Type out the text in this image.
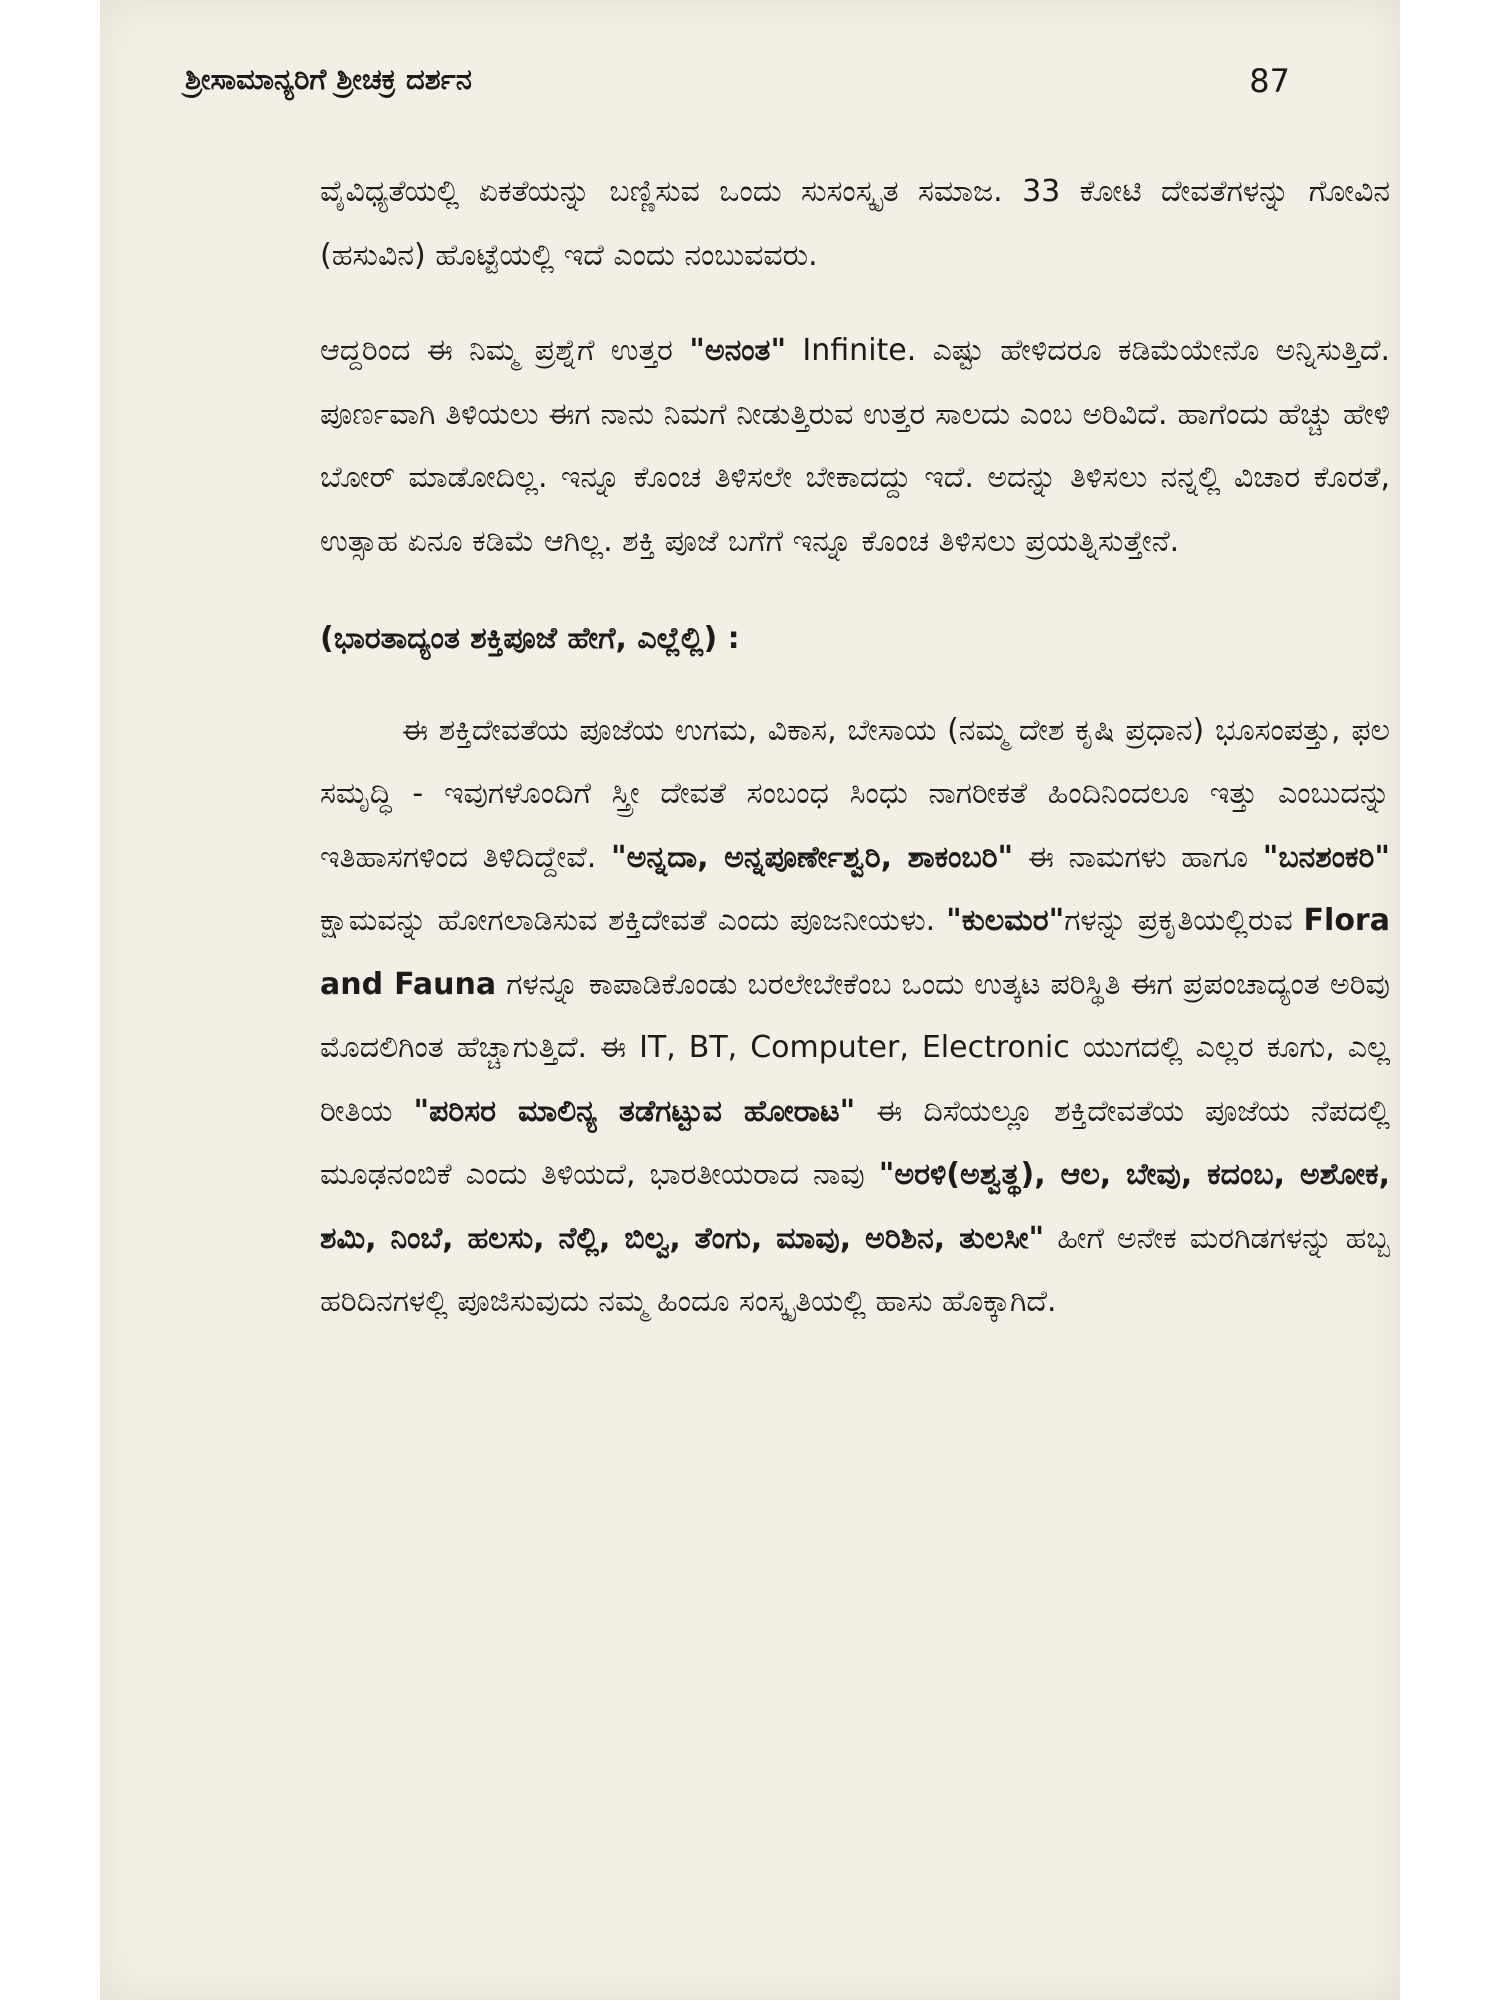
ಶ್ರೀಸಾಮಾನ್ಯರಿಗೆ ಶ್ರೀಚಕ್ರ ದರ್ಶನ	87

ವೈವಿಧ್ಯತೆಯಲ್ಲಿ ಏಕತೆಯನ್ನು ಬಣ್ಣಿಸುವ ಒಂದು ಸುಸಂಸ್ಕೃತ ಸಮಾಜ. 33 ಕೋಟಿ ದೇವತೆಗಳನ್ನು ಗೋವಿನ (ಹಸುವಿನ) ಹೊಟ್ಟೆಯಲ್ಲಿ ಇದೆ ಎಂದು ನಂಬುವವರು.

ಆದ್ದರಿಂದ ಈ ನಿಮ್ಮ ಪ್ರಶ್ನೆಗೆ ಉತ್ತರ "ಅನಂತ" Infinite. ಎಷ್ಟು ಹೇಳಿದರೂ ಕಡಿಮೆಯೇನೊ ಅನ್ನಿಸುತ್ತಿದೆ. ಪೂರ್ಣವಾಗಿ ತಿಳಿಯಲು ಈಗ ನಾನು ನಿಮಗೆ ನೀಡುತ್ತಿರುವ ಉತ್ತರ ಸಾಲದು ಎಂಬ ಅರಿವಿದೆ. ಹಾಗೆಂದು ಹೆಚ್ಚು ಹೇಳಿ ಬೋರ್ ಮಾಡೋದಿಲ್ಲ. ಇನ್ನೂ ಕೊಂಚ ತಿಳಿಸಲೇ ಬೇಕಾದದ್ದು ಇದೆ. ಅದನ್ನು ತಿಳಿಸಲು ನನ್ನಲ್ಲಿ ವಿಚಾರ ಕೊರತೆ, ಉತ್ಸಾಹ ಏನೂ ಕಡಿಮೆ ಆಗಿಲ್ಲ. ಶಕ್ತಿ ಪೂಜೆ ಬಗೆಗೆ ಇನ್ನೂ ಕೊಂಚ ತಿಳಿಸಲು ಪ್ರಯತ್ನಿಸುತ್ತೇನೆ.

(ಭಾರತಾದ್ಯಂತ ಶಕ್ತಿಪೂಜೆ ಹೇಗೆ, ಎಲ್ಲೆಲ್ಲಿ) :

ಈ ಶಕ್ತಿದೇವತೆಯ ಪೂಜೆಯ ಉಗಮ, ವಿಕಾಸ, ಬೇಸಾಯ (ನಮ್ಮ ದೇಶ ಕೃಷಿ ಪ್ರಧಾನ) ಭೂಸಂಪತ್ತು, ಫಲ ಸಮೃದ್ಧಿ - ಇವುಗಳೊಂದಿಗೆ ಸ್ತ್ರೀ ದೇವತೆ ಸಂಬಂಧ ಸಿಂಧು ನಾಗರೀಕತೆ ಹಿಂದಿನಿಂದಲೂ ಇತ್ತು ಎಂಬುದನ್ನು ಇತಿಹಾಸಗಳಿಂದ ತಿಳಿದಿದ್ದೇವೆ. "ಅನ್ನದಾ, ಅನ್ನಪೂರ್ಣೇಶ್ವರಿ, ಶಾಕಂಬರಿ" ಈ ನಾಮಗಳು ಹಾಗೂ "ಬನಶಂಕರಿ" ಕ್ಷಾಮವನ್ನು ಹೋಗಲಾಡಿಸುವ ಶಕ್ತಿದೇವತೆ ಎಂದು ಪೂಜನೀಯಳು. "ಕುಲಮರ"ಗಳನ್ನು ಪ್ರಕೃತಿಯಲ್ಲಿರುವ Flora and Fauna ಗಳನ್ನೂ ಕಾಪಾಡಿಕೊಂಡು ಬರಲೇಬೇಕೆಂಬ ಒಂದು ಉತ್ಕಟ ಪರಿಸ್ಥಿತಿ ಈಗ ಪ್ರಪಂಚಾದ್ಯಂತ ಅರಿವು ಮೊದಲಿಗಿಂತ ಹೆಚ್ಚಾಗುತ್ತಿದೆ. ಈ IT, BT, Computer, Electronic ಯುಗದಲ್ಲಿ ಎಲ್ಲರ ಕೂಗು, ಎಲ್ಲ ರೀತಿಯ "ಪರಿಸರ ಮಾಲಿನ್ಯ ತಡೆಗಟ್ಟುವ ಹೋರಾಟ" ಈ ದಿಸೆಯಲ್ಲೂ ಶಕ್ತಿದೇವತೆಯ ಪೂಜೆಯ ನೆಪದಲ್ಲಿ ಮೂಢನಂಬಿಕೆ ಎಂದು ತಿಳಿಯದೆ, ಭಾರತೀಯರಾದ ನಾವು "ಅರಳಿ(ಅಶ್ವತ್ಥ), ಆಲ, ಬೇವು, ಕದಂಬ, ಅಶೋಕ, ಶಮಿ, ನಿಂಬೆ, ಹಲಸು, ನೆಲ್ಲಿ, ಬಿಲ್ವ, ತೆಂಗು, ಮಾವು, ಅರಿಶಿನ, ತುಲಸೀ" ಹೀಗೆ ಅನೇಕ ಮರಗಿಡಗಳನ್ನು ಹಬ್ಬ ಹರಿದಿನಗಳಲ್ಲಿ ಪೂಜಿಸುವುದು ನಮ್ಮ ಹಿಂದೂ ಸಂಸ್ಕೃತಿಯಲ್ಲಿ ಹಾಸು ಹೊಕ್ಕಾಗಿದೆ.
